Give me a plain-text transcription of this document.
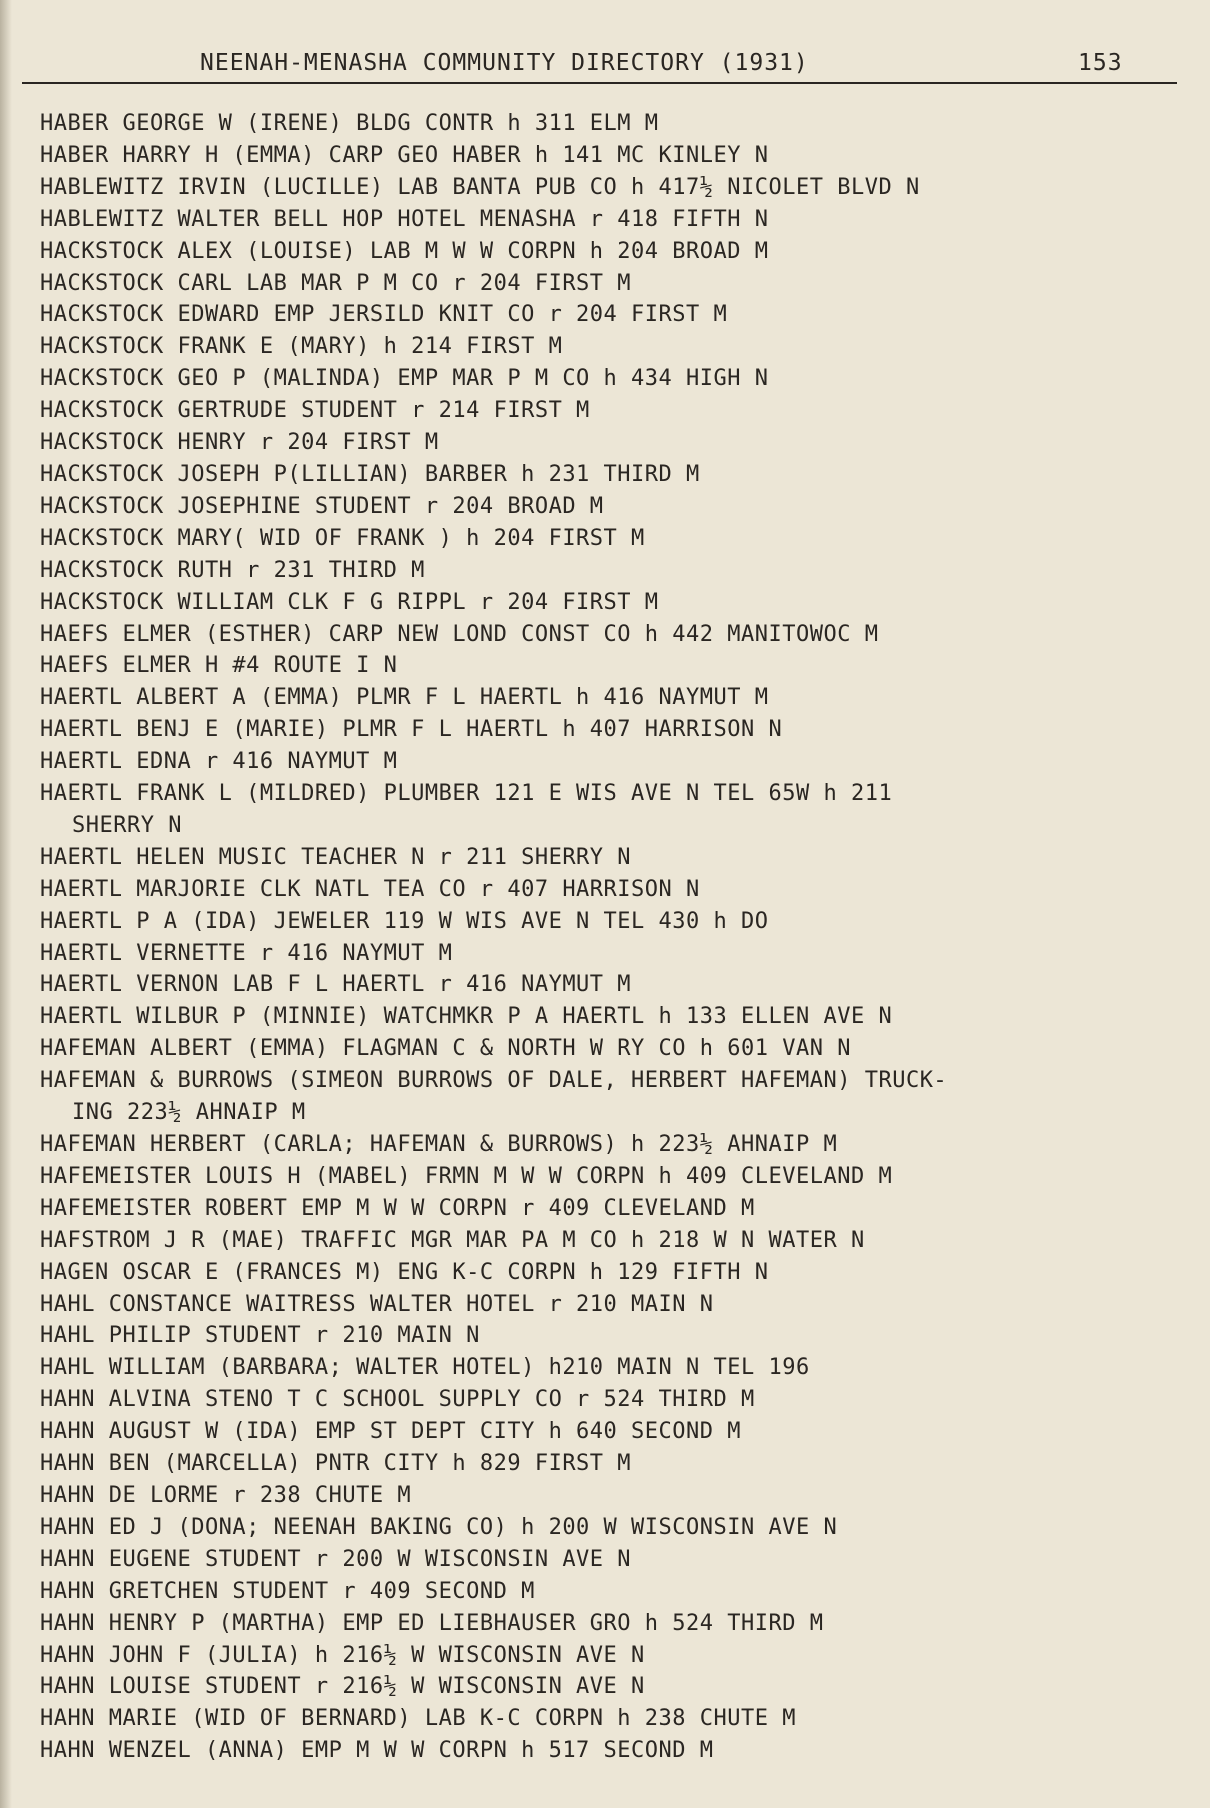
NEENAH-MENASHA COMMUNITY DIRECTORY (1931)	153
HABER GEORGE W (IRENE) BLDG CONTR h 311 ELM M
HABER HARRY H (EMMA) CARP GEO HABER h 141 MC KINLEY N
HABLEWITZ IRVIN (LUCILLE) LAB BANTA PUB CO h 417½ NICOLET BLVD N
HABLEWITZ WALTER BELL HOP HOTEL MENASHA r 418 FIFTH N
HACKSTOCK ALEX (LOUISE) LAB M W W CORPN h 204 BROAD M
HACKSTOCK CARL LAB MAR P M CO r 204 FIRST M
HACKSTOCK EDWARD EMP JERSILD KNIT CO r 204 FIRST M
HACKSTOCK FRANK E (MARY) h 214 FIRST M
HACKSTOCK GEO P (MALINDA) EMP MAR P M CO h 434 HIGH N
HACKSTOCK GERTRUDE STUDENT r 214 FIRST M
HACKSTOCK HENRY r 204 FIRST M
HACKSTOCK JOSEPH P(LILLIAN) BARBER h 231 THIRD M
HACKSTOCK JOSEPHINE STUDENT r 204 BROAD M
HACKSTOCK MARY( WID OF FRANK ) h 204 FIRST M
HACKSTOCK RUTH r 231 THIRD M
HACKSTOCK WILLIAM CLK F G RIPPL r 204 FIRST M
HAEFS ELMER (ESTHER) CARP NEW LOND CONST CO h 442 MANITOWOC M
HAEFS ELMER H #4 ROUTE I N
HAERTL ALBERT A (EMMA) PLMR F L HAERTL h 416 NAYMUT M
HAERTL BENJ E (MARIE) PLMR F L HAERTL h 407 HARRISON N
HAERTL EDNA r 416 NAYMUT M
HAERTL FRANK L (MILDRED) PLUMBER 121 E WIS AVE N TEL 65W h 211
SHERRY N
HAERTL HELEN MUSIC TEACHER N r 211 SHERRY N
HAERTL MARJORIE CLK NATL TEA CO r 407 HARRISON N
HAERTL P A (IDA) JEWELER 119 W WIS AVE N TEL 430 h DO
HAERTL VERNETTE r 416 NAYMUT M
HAERTL VERNON LAB F L HAERTL r 416 NAYMUT M
HAERTL WILBUR P (MINNIE) WATCHMKR P A HAERTL h 133 ELLEN AVE N
HAFEMAN ALBERT (EMMA) FLAGMAN C & NORTH W RY CO h 601 VAN N
HAFEMAN & BURROWS (SIMEON BURROWS OF DALE, HERBERT HAFEMAN) TRUCK-
ING 223½ AHNAIP M
HAFEMAN HERBERT (CARLA; HAFEMAN & BURROWS) h 223½ AHNAIP M
HAFEMEISTER LOUIS H (MABEL) FRMN M W W CORPN h 409 CLEVELAND M
HAFEMEISTER ROBERT EMP M W W CORPN r 409 CLEVELAND M
HAFSTROM J R (MAE) TRAFFIC MGR MAR PA M CO h 218 W N WATER N
HAGEN OSCAR E (FRANCES M) ENG K-C CORPN h 129 FIFTH N
HAHL CONSTANCE WAITRESS WALTER HOTEL r 210 MAIN N
HAHL PHILIP STUDENT r 210 MAIN N
HAHL WILLIAM (BARBARA; WALTER HOTEL) h210 MAIN N TEL 196
HAHN ALVINA STENO T C SCHOOL SUPPLY CO r 524 THIRD M
HAHN AUGUST W (IDA) EMP ST DEPT CITY h 640 SECOND M
HAHN BEN (MARCELLA) PNTR CITY h 829 FIRST M
HAHN DE LORME r 238 CHUTE M
HAHN ED J (DONA; NEENAH BAKING CO) h 200 W WISCONSIN AVE N
HAHN EUGENE STUDENT r 200 W WISCONSIN AVE N
HAHN GRETCHEN STUDENT r 409 SECOND M
HAHN HENRY P (MARTHA) EMP ED LIEBHAUSER GRO h 524 THIRD M
HAHN JOHN F (JULIA) h 216½ W WISCONSIN AVE N
HAHN LOUISE STUDENT r 216½ W WISCONSIN AVE N
HAHN MARIE (WID OF BERNARD) LAB K-C CORPN h 238 CHUTE M
HAHN WENZEL (ANNA) EMP M W W CORPN h 517 SECOND M
